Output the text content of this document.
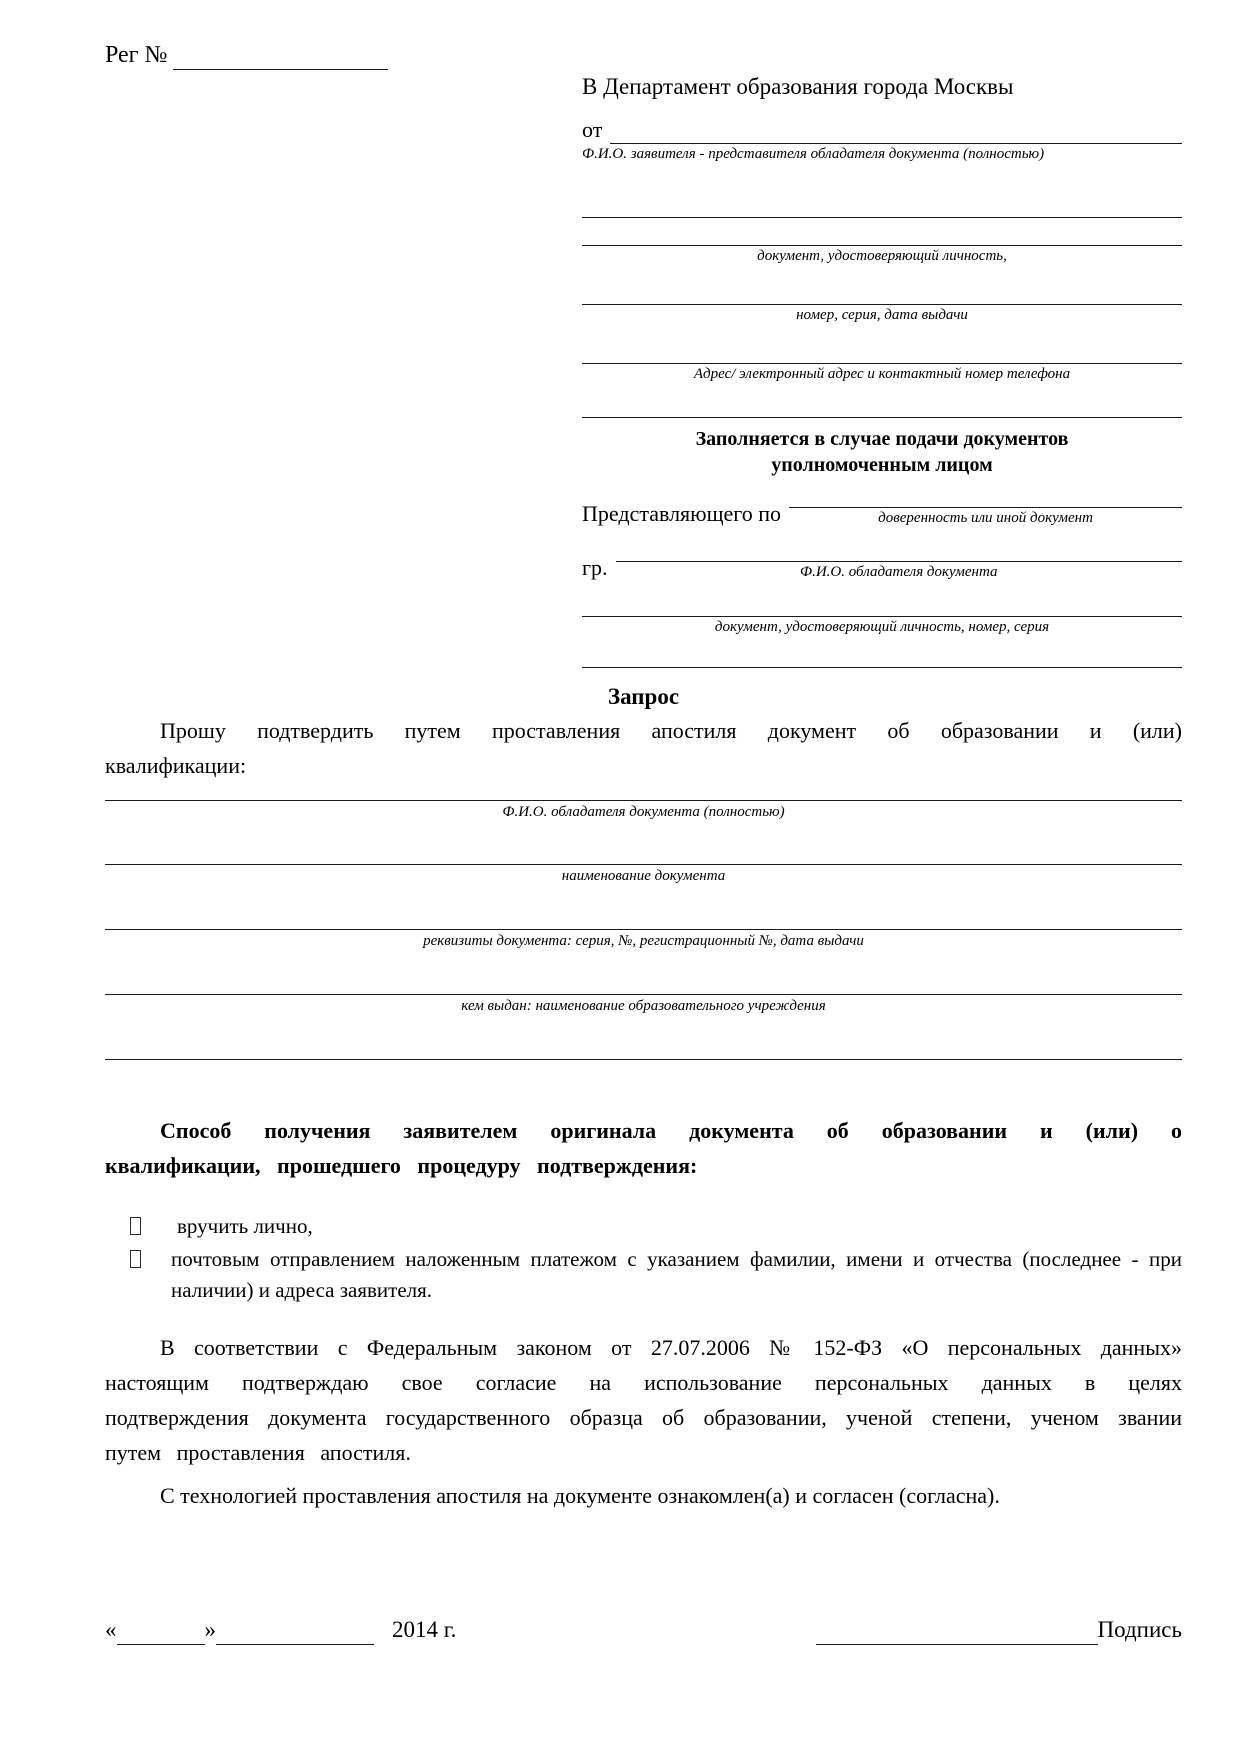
Рег №
В Департамент образования города Москвы
от
Ф.И.О. заявителя - представителя обладателя документа (полностью)
документ, удостоверяющий личность,
номер, серия, дата выдачи
Адрес/ электронный адрес и контактный номер телефона
Заполняется в случае подачи документов уполномоченным лицом
Представляющего по	доверенность или иной документ
гр.	Ф.И.О. обладателя документа
документ, удостоверяющий личность, номер, серия
Запрос

Прошу подтвердить путем проставления апостиля документ об образовании и (или) квалификации:

Ф.И.О. обладателя документа (полностью)
наименование документа
реквизиты документа: серия, №, регистрационный №, дата выдачи
кем выдан: наименование образовательного учреждения
Способ получения заявителем оригинала документа об образовании и (или) о квалификации, прошедшего процедуру подтверждения:
вручить лично,
почтовым отправлением наложенным платежом с указанием фамилии, имени и отчества (последнее - при наличии) и адреса заявителя.

В соответствии с Федеральным законом от 27.07.2006 № 152-ФЗ «О персональных данных» настоящим подтверждаю свое согласие на использование персональных данных в целях подтверждения документа государственного образца об образовании, ученой степени, ученом звании путем проставления апостиля.

С технологией проставления апостиля на документе ознакомлен(а) и согласен (согласна).

«	»	2014 г.	Подпись
